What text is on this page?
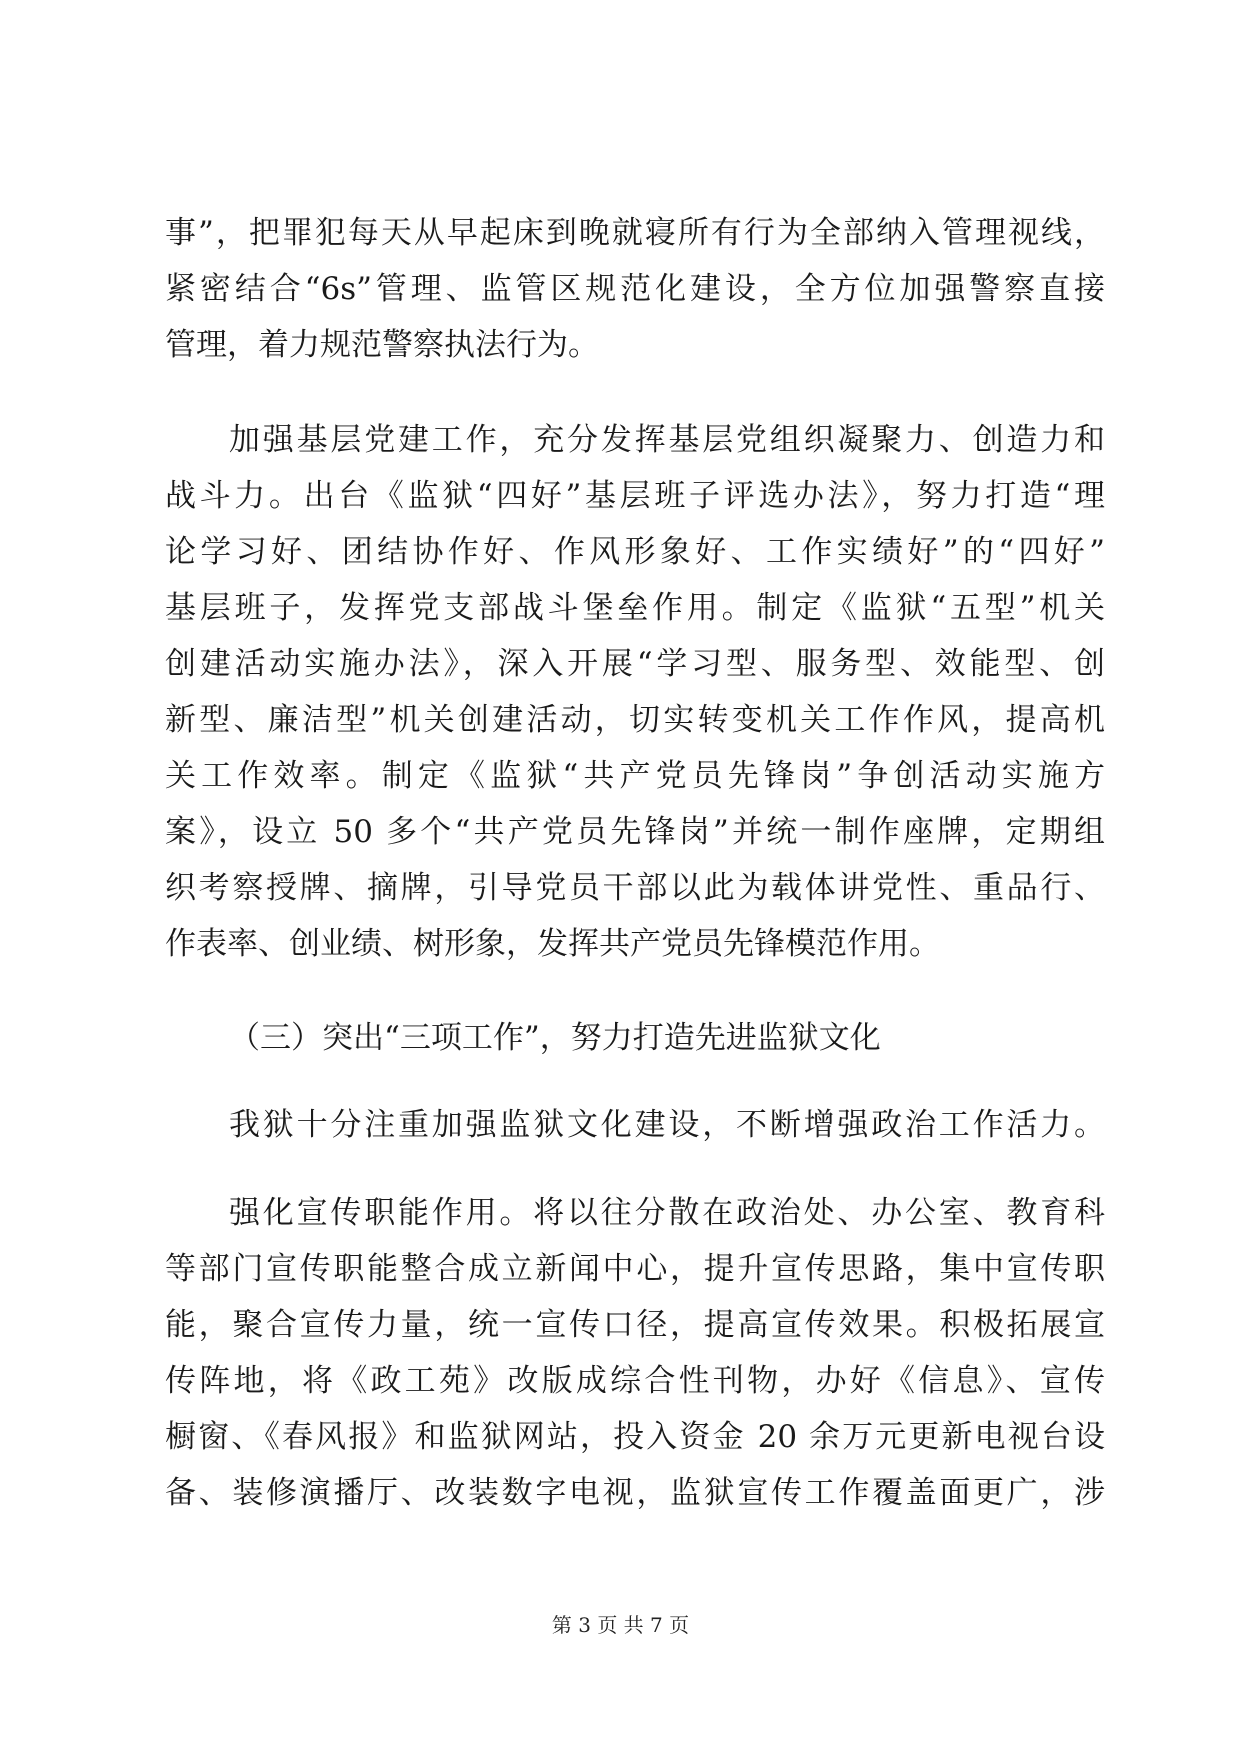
事”，把罪犯每天从早起床到晚就寝所有行为全部纳入管理视线，

紧密结合“6s”管理、监管区规范化建设，全方位加强警察直接

管理，着力规范警察执法行为。

加强基层党建工作，充分发挥基层党组织凝聚力、创造力和

战斗力。出台《监狱“四好”基层班子评选办法》，努力打造“理

论学习好、团结协作好、作风形象好、工作实绩好”的“四好”

基层班子，发挥党支部战斗堡垒作用。制定《监狱“五型”机关

创建活动实施办法》，深入开展“学习型、服务型、效能型、创

新型、廉洁型”机关创建活动，切实转变机关工作作风，提高机

关工作效率。制定《监狱“共产党员先锋岗”争创活动实施方

案》，设立 50 多个“共产党员先锋岗”并统一制作座牌，定期组

织考察授牌、摘牌，引导党员干部以此为载体讲党性、重品行、

作表率、创业绩、树形象，发挥共产党员先锋模范作用。

（三）突出“三项工作”，努力打造先进监狱文化

我狱十分注重加强监狱文化建设，不断增强政治工作活力。

强化宣传职能作用。将以往分散在政治处、办公室、教育科

等部门宣传职能整合成立新闻中心，提升宣传思路，集中宣传职

能，聚合宣传力量，统一宣传口径，提高宣传效果。积极拓展宣

传阵地，将《政工苑》改版成综合性刊物，办好《信息》、宣传

橱窗、《春风报》和监狱网站，投入资金 20 余万元更新电视台设

备、装修演播厅、改装数字电视，监狱宣传工作覆盖面更广，涉

第 3 页 共 7 页
